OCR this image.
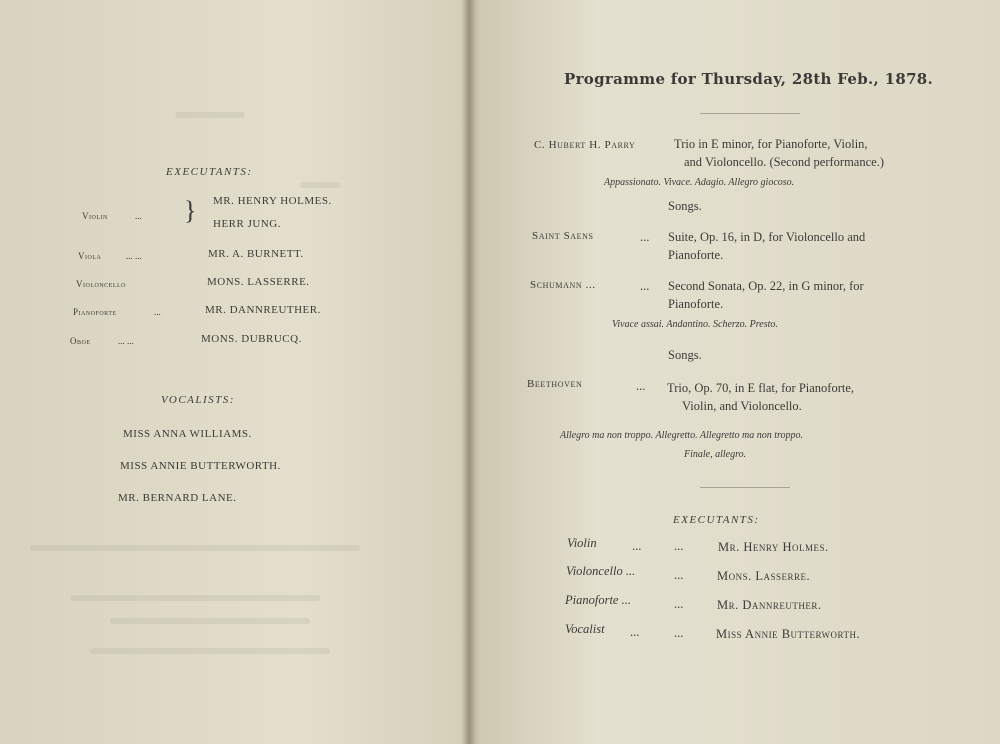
EXECUTANTS:
Violin	... } MR. HENRY HOLMES.
HERR JUNG.
Viola	... ...	MR. A. BURNETT.
Violoncello	MONS. LASSERRE.
Pianoforte	...	MR. DANNREUTHER.
Oboe	... ...	MONS. DUBRUCQ.
VOCALISTS:
MISS ANNA WILLIAMS.
MISS ANNIE BUTTERWORTH.
MR. BERNARD LANE.
Programme for Thursday, 28th Feb., 1878.
C. Hubert H. Parry	Trio in E minor, for Pianoforte, Violin,
and Violoncello. (Second performance.)
Appassionato. Vivace. Adagio. Allegro giocoso.
Songs.
Saint Saens	... Suite, Op. 16, in D, for Violoncello and
Pianoforte.
Schumann ...	... Second Sonata, Op. 22, in G minor, for
Pianoforte.
Vivace assai. Andantino. Scherzo. Presto.
Songs.
Beethoven	... Trio, Op. 70, in E flat, for Pianoforte,
Violin, and Violoncello.
Allegro ma non troppo. Allegretto. Allegretto ma non troppo.
Finale, allegro.
EXECUTANTS:
Violin	...	...	Mr. Henry Holmes.
Violoncello ...	...	Mons. Lasserre.
Pianoforte ...	...	Mr. Dannreuther.
Vocalist ...	...	Miss Annie Butterworth.
